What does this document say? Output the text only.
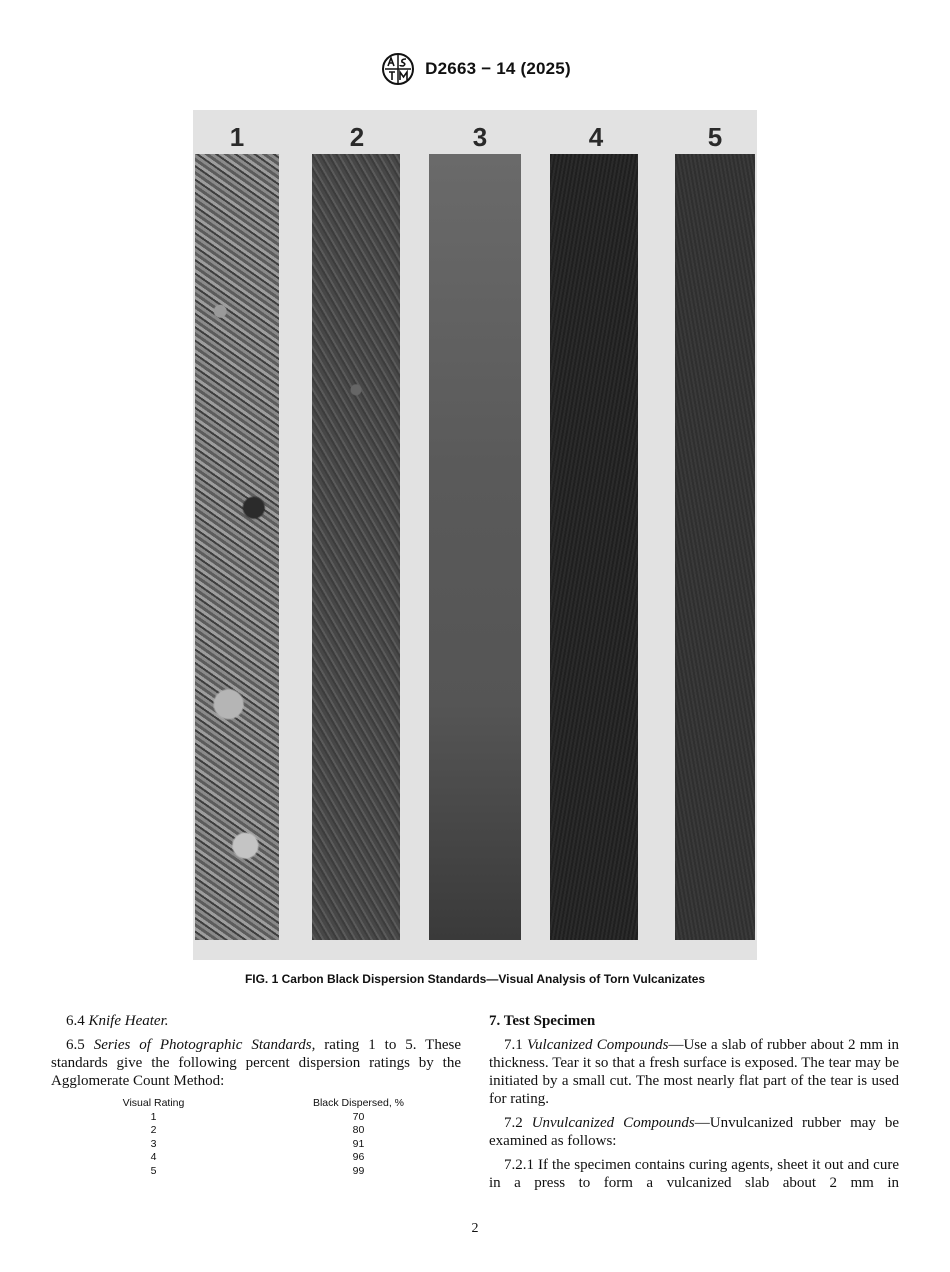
D2663 − 14 (2025)
1	2	3	4	5
FIG. 1 Carbon Black Dispersion Standards—Visual Analysis of Torn Vulcanizates

6.4 Knife Heater.

6.5 Series of Photographic Standards, rating 1 to 5. These standards give the following percent dispersion ratings by the Agglomerate Count Method:

Visual Rating	Black Dispersed, %
1	70
2	80
3	91
4	96
5	99
7. Test Specimen

7.1 Vulcanized Compounds—Use a slab of rubber about 2 mm in thickness. Tear it so that a fresh surface is exposed. The tear may be initiated by a small cut. The most nearly flat part of the tear is used for rating.

7.2 Unvulcanized Compounds—Unvulcanized rubber may be examined as follows:

7.2.1 If the specimen contains curing agents, sheet it out and cure in a press to form a vulcanized slab about 2 mm in

2
